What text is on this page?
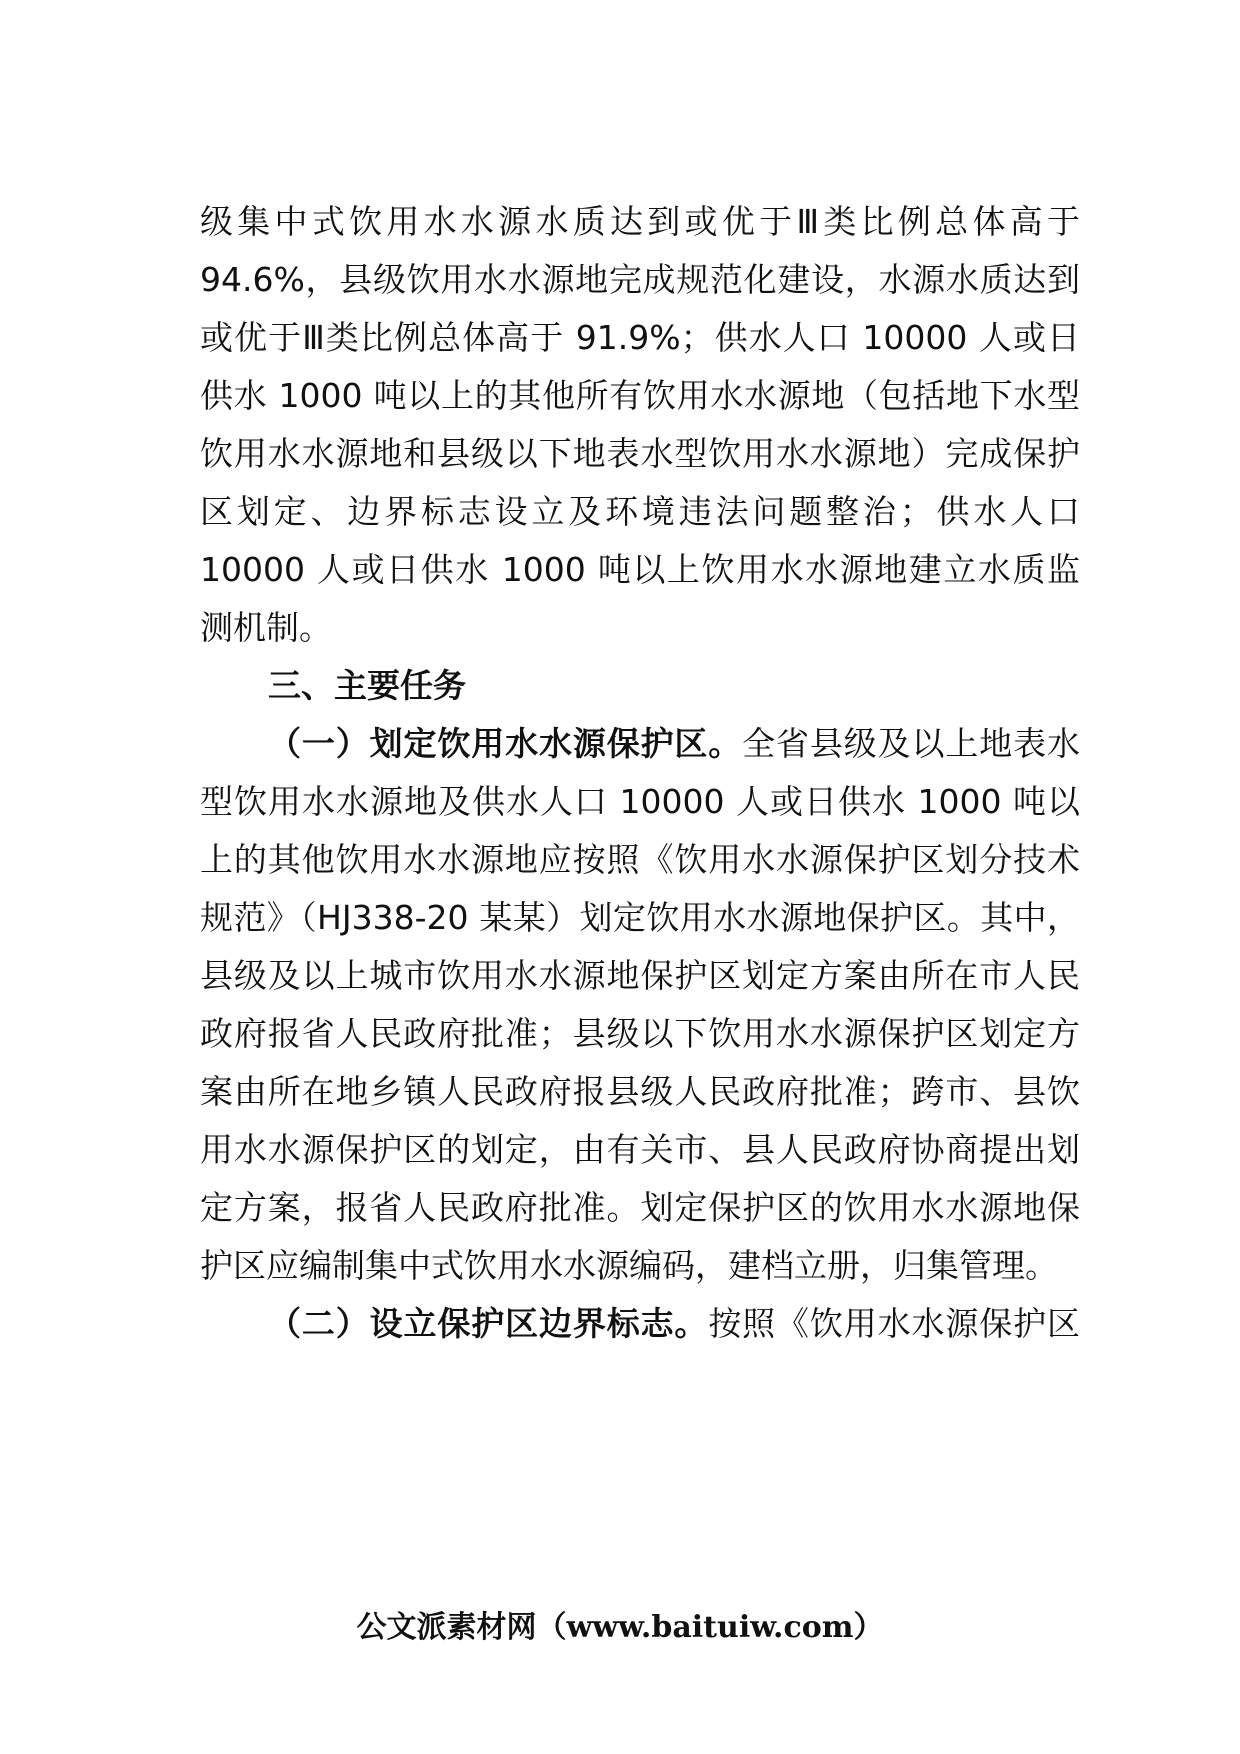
级集中式饮用水水源水质达到或优于Ⅲ类比例总体高于
94.6%，县级饮用水水源地完成规范化建设，水源水质达到
或优于Ⅲ类比例总体高于 91.9%；供水人口 10000 人或日
供水 1000 吨以上的其他所有饮用水水源地（包括地下水型
饮用水水源地和县级以下地表水型饮用水水源地）完成保护
区划定、边界标志设立及环境违法问题整治；供水人口
10000 人或日供水 1000 吨以上饮用水水源地建立水质监
测机制。
三、主要任务
（一）划定饮用水水源保护区。全省县级及以上地表水
型饮用水水源地及供水人口 10000 人或日供水 1000 吨以
上的其他饮用水水源地应按照《饮用水水源保护区划分技术
规范》（HJ338-20 某某）划定饮用水水源地保护区。其中，
县级及以上城市饮用水水源地保护区划定方案由所在市人民
政府报省人民政府批准；县级以下饮用水水源保护区划定方
案由所在地乡镇人民政府报县级人民政府批准；跨市、县饮
用水水源保护区的划定，由有关市、县人民政府协商提出划
定方案，报省人民政府批准。划定保护区的饮用水水源地保
护区应编制集中式饮用水水源编码，建档立册，归集管理。
（二）设立保护区边界标志。按照《饮用水水源保护区
公文派素材网（www.baituiw.com）
